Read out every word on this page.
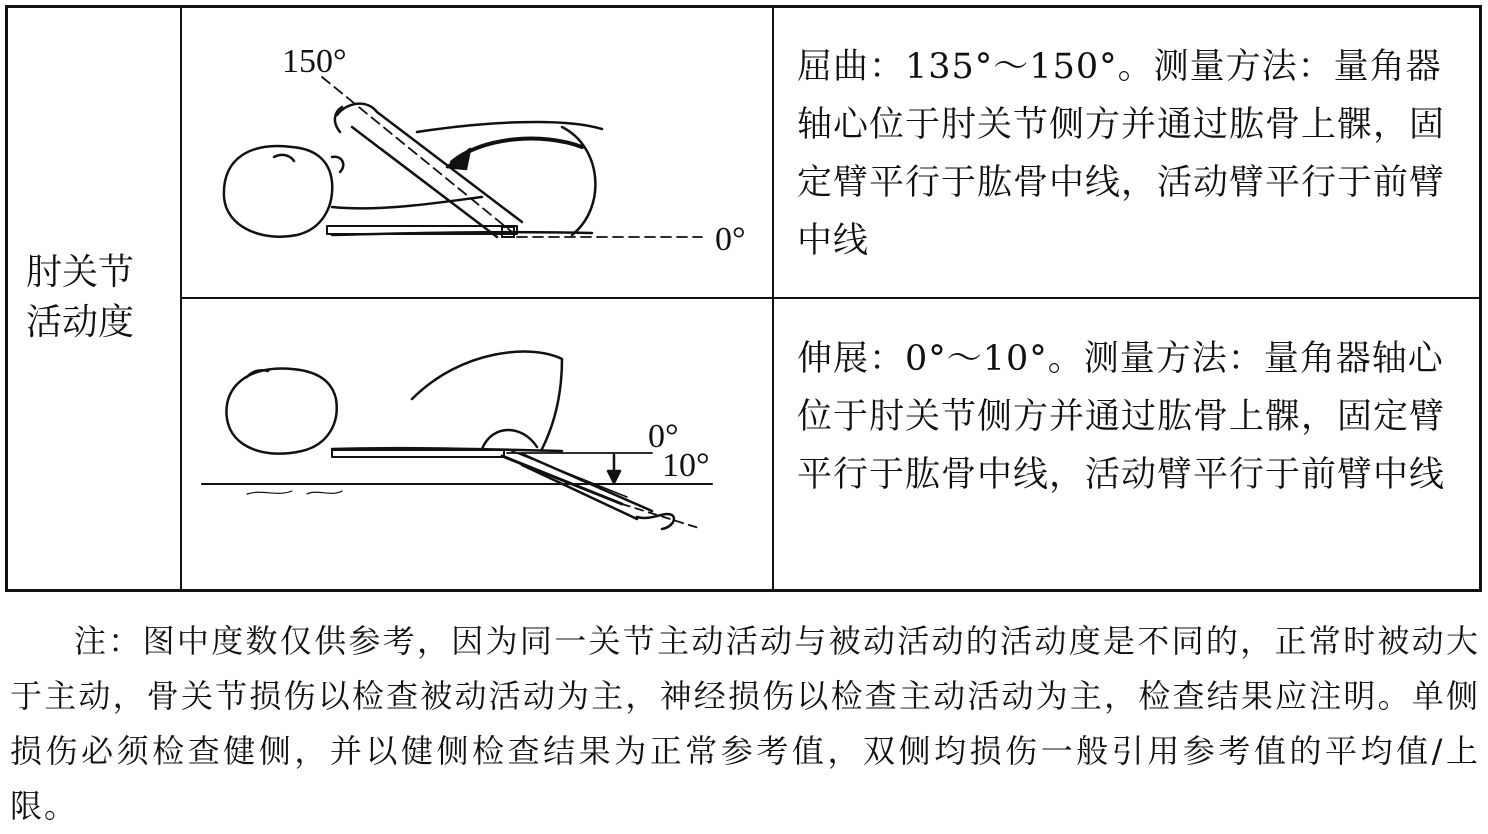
肘关节
活动度
150°
0°
0°
10°
屈曲：135°～150°。测量方法：量角器轴心位于肘关节侧方并通过肱骨上髁，固定臂平行于肱骨中线，活动臂平行于前臂中线
伸展：0°～10°。测量方法：量角器轴心位于肘关节侧方并通过肱骨上髁，固定臂平行于肱骨中线，活动臂平行于前臂中线
注：图中度数仅供参考，因为同一关节主动活动与被动活动的活动度是不同的，正常时被动大于主动，骨关节损伤以检查被动活动为主，神经损伤以检查主动活动为主，检查结果应注明。单侧损伤必须检查健侧，并以健侧检查结果为正常参考值，双侧均损伤一般引用参考值的平均值/上限。
